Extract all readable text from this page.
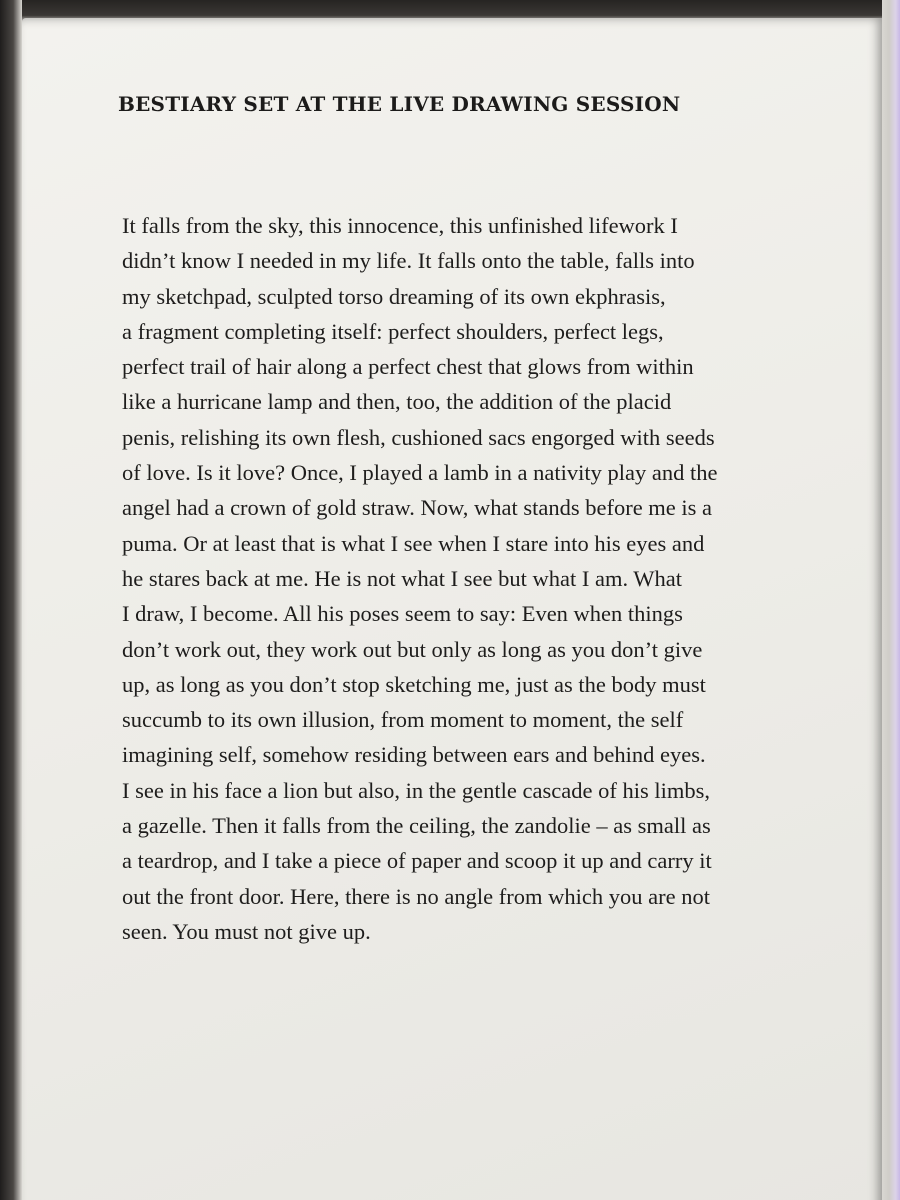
BESTIARY SET AT THE LIVE DRAWING SESSION
It falls from the sky, this innocence, this unfinished lifework I
didn’t know I needed in my life. It falls onto the table, falls into
my sketchpad, sculpted torso dreaming of its own ekphrasis,
a fragment completing itself: perfect shoulders, perfect legs,
perfect trail of hair along a perfect chest that glows from within
like a hurricane lamp and then, too, the addition of the placid
penis, relishing its own flesh, cushioned sacs engorged with seeds
of love. Is it love? Once, I played a lamb in a nativity play and the
angel had a crown of gold straw. Now, what stands before me is a
puma. Or at least that is what I see when I stare into his eyes and
he stares back at me. He is not what I see but what I am. What
I draw, I become. All his poses seem to say: Even when things
don’t work out, they work out but only as long as you don’t give
up, as long as you don’t stop sketching me, just as the body must
succumb to its own illusion, from moment to moment, the self
imagining self, somehow residing between ears and behind eyes.
I see in his face a lion but also, in the gentle cascade of his limbs,
a gazelle. Then it falls from the ceiling, the zandolie – as small as
a teardrop, and I take a piece of paper and scoop it up and carry it
out the front door. Here, there is no angle from which you are not
seen. You must not give up.
